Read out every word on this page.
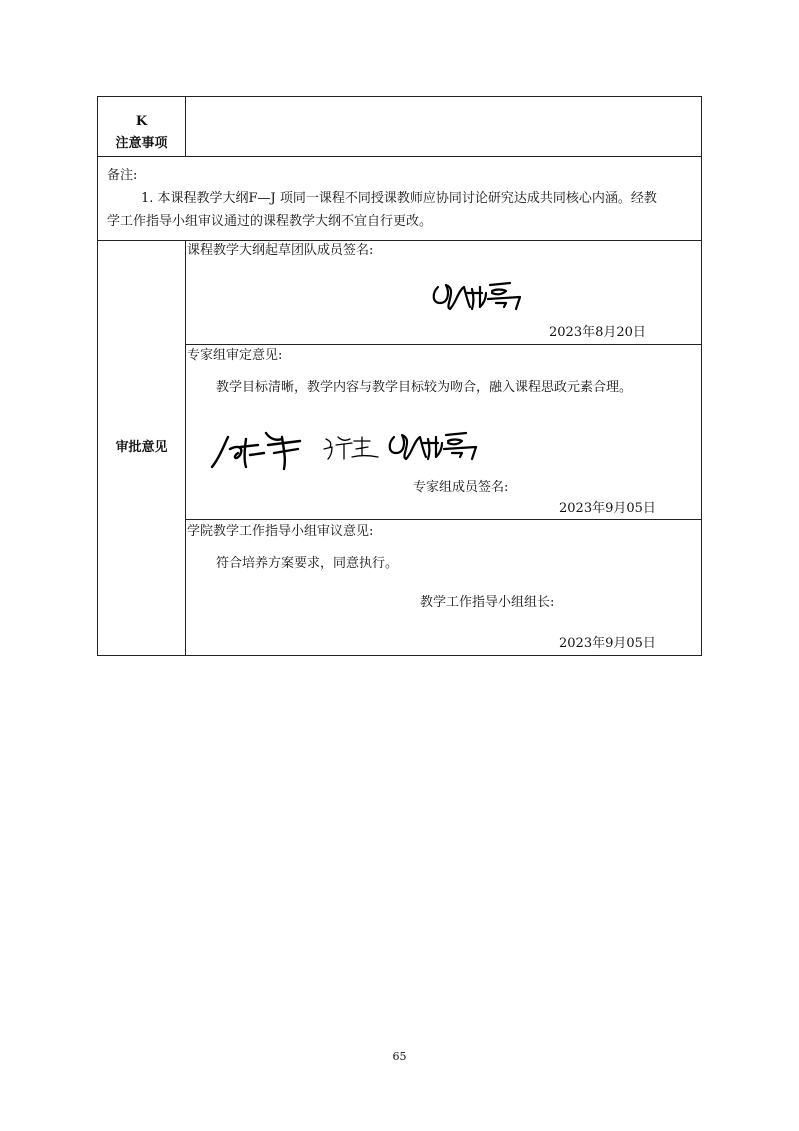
K
注意事项
备注:
1. 本课程教学大纲F—J 项同一课程不同授课教师应协同讨论研究达成共同核心内涵。经教
学工作指导小组审议通过的课程教学大纲不宜自行更改。
审批意见
课程教学大纲起草团队成员签名:
2023年8月20日
专家组审定意见:
教学目标清晰，教学内容与教学目标较为吻合，融入课程思政元素合理。
专家组成员签名:
2023年9月05日
学院教学工作指导小组审议意见:
符合培养方案要求，同意执行。
教学工作指导小组组长:
2023年9月05日
65
